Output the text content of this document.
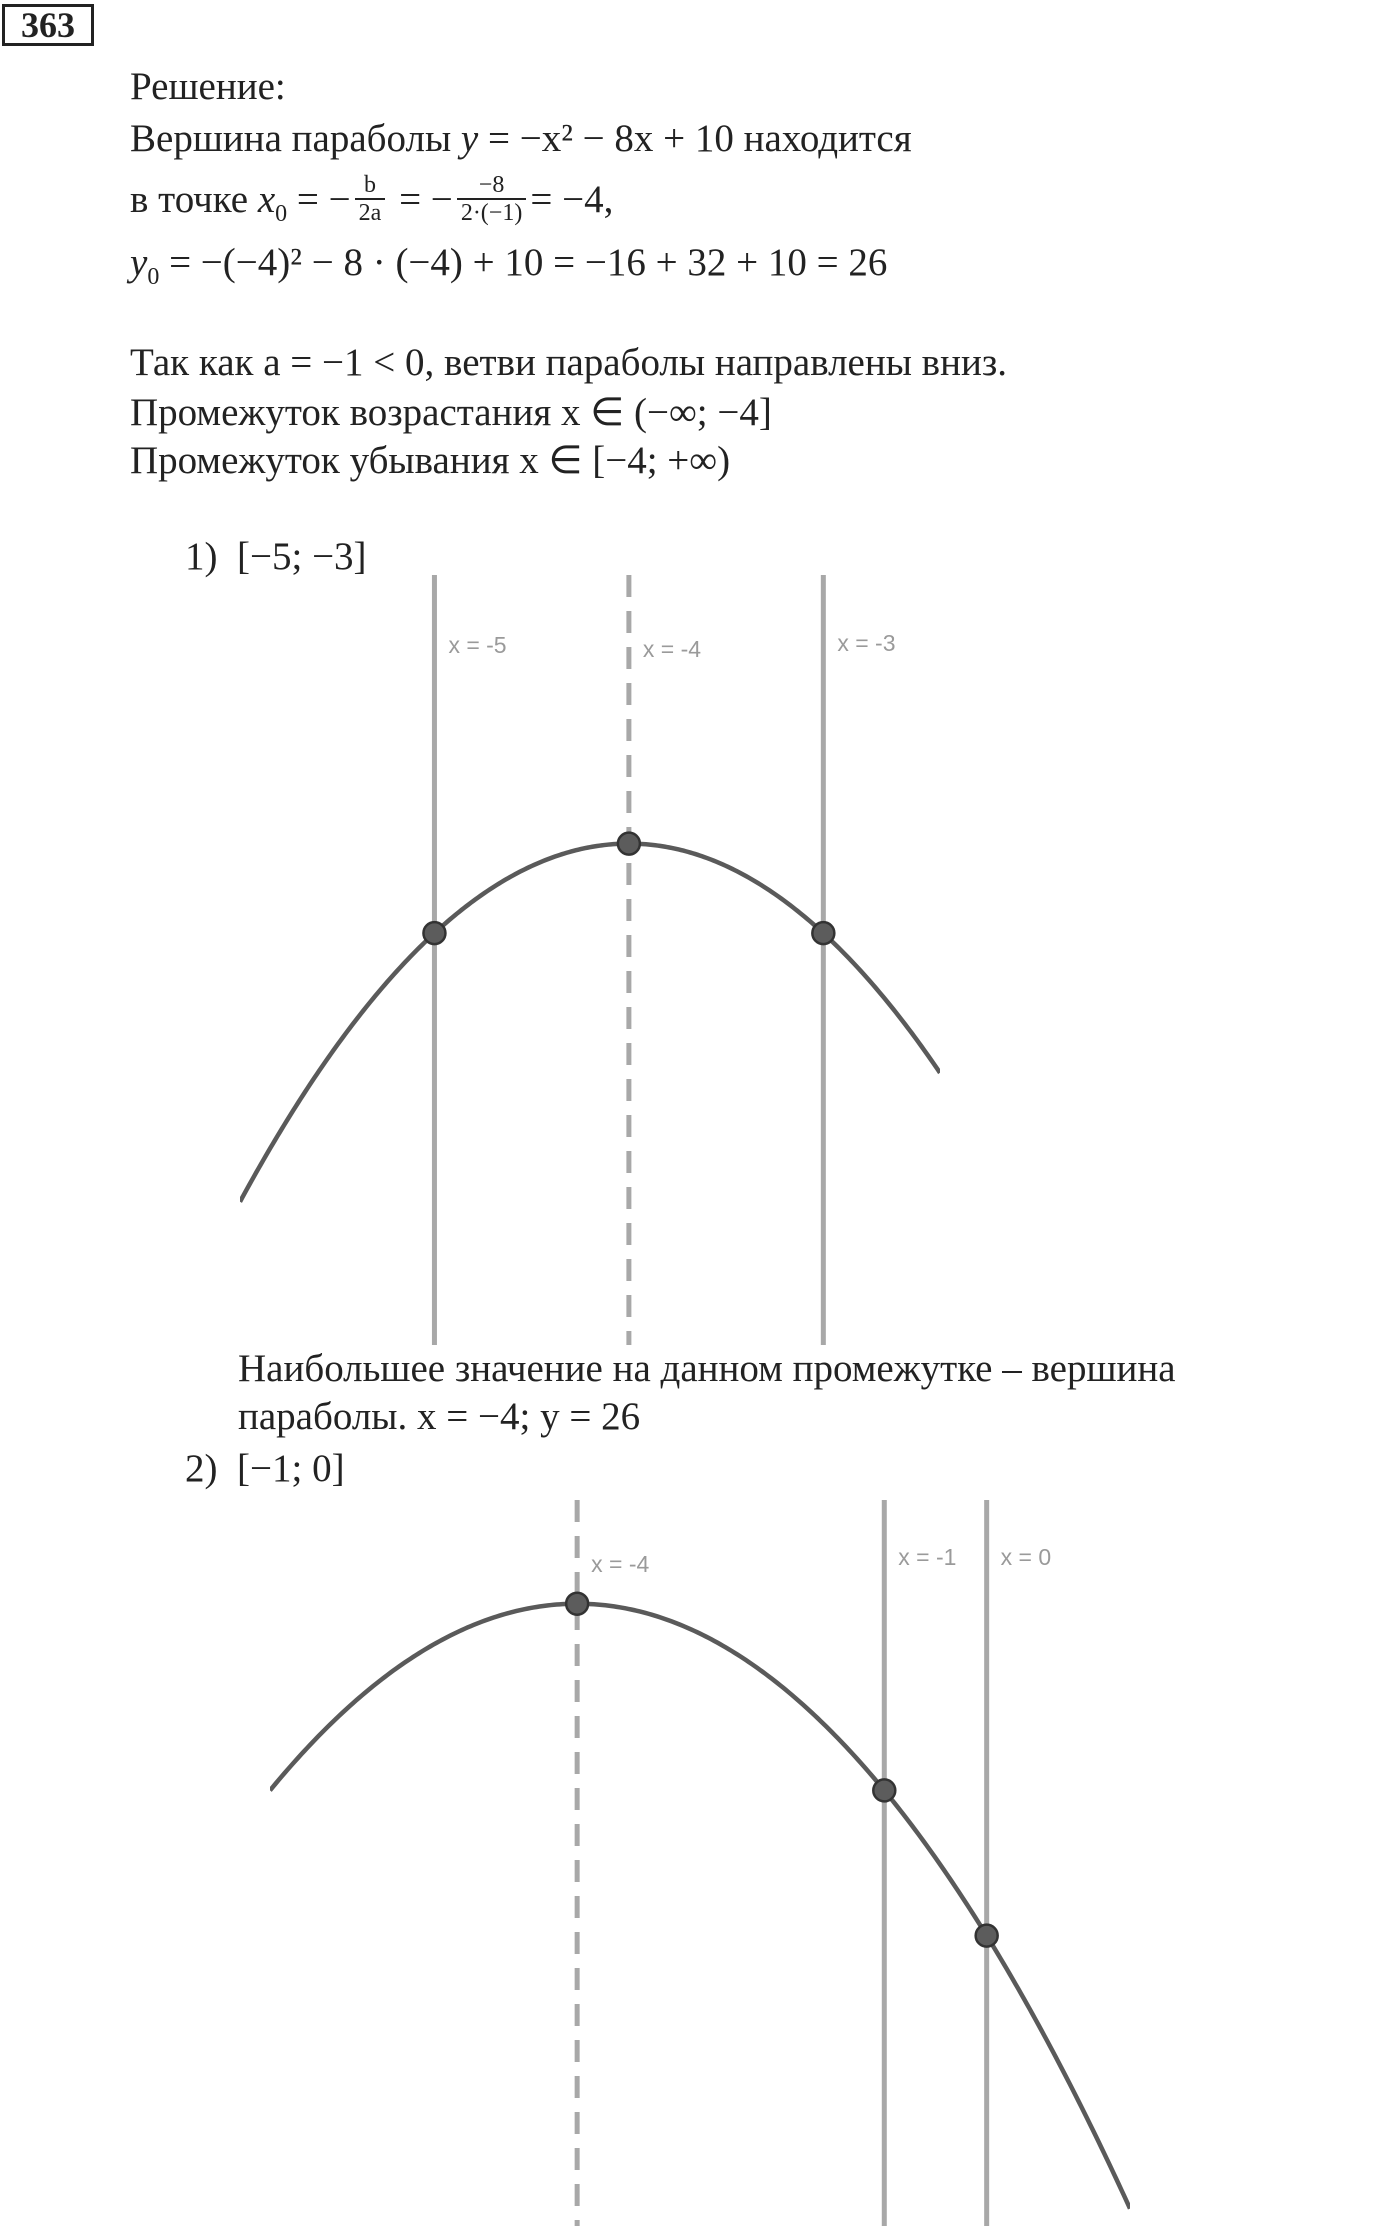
363
Решение:
Вершина параболы y = −x² − 8x + 10 находится
в точке $x_0$ = − $\frac{b}{2a}$ = − $\frac{-8}{2\cdot(-1)} = -4$,
$y_0 = -(-4)^2 - 8 \cdot (-4) + 10 = -16 + 32 + 10 = 26$
Так как a = −1 < 0, ветви параболы направлены вниз.
Промежуток возрастания x ∈ (−∞; −4]
Промежуток убывания x ∈ [−4; +∞)
1) [−5; −3]
x = -5	x = -4	x = -3
Наибольшее значение на данном промежутке – вершина
параболы. x = −4; y = 26
2) [−1; 0]
x = -4	x = -1 x = 0
